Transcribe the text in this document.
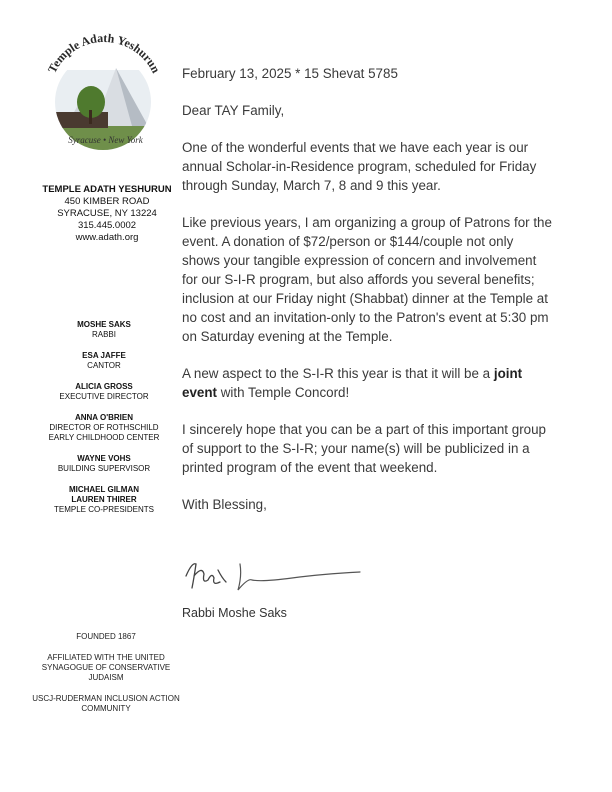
Temple Adath Yeshurun
Syracuse • New York
TEMPLE ADATH YESHURUN
450 KIMBER ROAD
SYRACUSE, NY 13224
315.445.0002
www.adath.org
MOSHE SAKS
RABBI
ESA JAFFE
CANTOR
ALICIA GROSS
EXECUTIVE DIRECTOR
ANNA O'BRIEN
DIRECTOR OF ROTHSCHILD EARLY CHILDHOOD CENTER
WAYNE VOHS
BUILDING SUPERVISOR
MICHAEL GILMAN
LAUREN THIRER
TEMPLE CO-PRESIDENTS
FOUNDED 1867
AFFILIATED WITH THE UNITED SYNAGOGUE OF CONSERVATIVE JUDAISM
USCJ-RUDERMAN INCLUSION ACTION COMMUNITY

February 13, 2025 * 15 Shevat 5785

Dear TAY Family,

One of the wonderful events that we have each year is our annual Scholar-in-Residence program, scheduled for Friday through Sunday, March 7, 8 and 9 this year.

Like previous years, I am organizing a group of Patrons for the event. A donation of $72/person or $144/couple not only shows your tangible expression of concern and involvement for our S-I-R program, but also affords you several benefits; inclusion at our Friday night (Shabbat) dinner at the Temple at no cost and an invitation-only to the Patron's event at 5:30 pm on Saturday evening at the Temple.

A new aspect to the S-I-R this year is that it will be a joint event with Temple Concord!

I sincerely hope that you can be a part of this important group of support to the S-I-R; your name(s) will be publicized in a printed program of the event that weekend.

With Blessing,

Rabbi Moshe Saks
